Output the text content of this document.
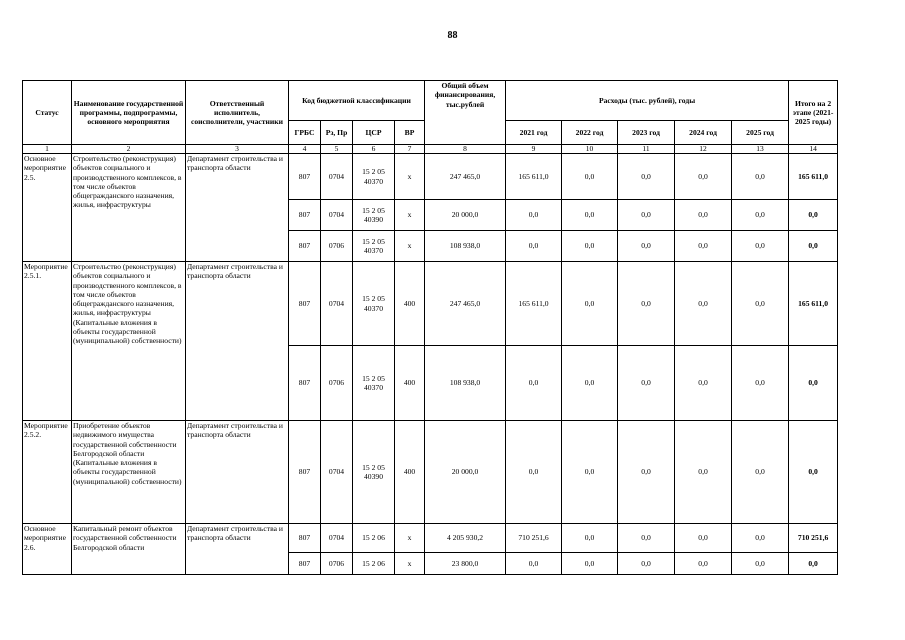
88
Статус	Наименование государственной программы, подпрограммы, основного мероприятия	Ответственный исполнитель, соисполнители, участники	Код бюджетной классификации				Общий объем финансирования, тыс.рублей	Расходы (тыс. рублей), годы					Итого на 2 этапе (2021-2025 годы)
			ГРБС	Рз, Пр	ЦСР	ВР		2021 год	2022 год	2023 год	2024 год	2025 год	
1	2	3	4	5	6	7	8	9	10	11	12	13	14
Основное мероприятие 2.5.	Строительство (реконструкция) объектов социального и производственного комплексов, в том числе объектов общегражданского назначения, жилья, инфраструктуры	Департамент строительства и транспорта области	807	0704	15 2 05 40370	х	247 465,0	165 611,0	0,0	0,0	0,0	0,0	165 611,0
			807	0704	15 2 05 40390	х	20 000,0	0,0	0,0	0,0	0,0	0,0	0,0
			807	0706	15 2 05 40370	х	108 938,0	0,0	0,0	0,0	0,0	0,0	0,0
Мероприятие 2.5.1.	Строительство (реконструкция) объектов социального и производственного комплексов, в том числе объектов общегражданского назначения, жилья, инфраструктуры (Капитальные вложения в объекты государственной (муниципальной) собственности)	Департамент строительства и транспорта области	807	0704	15 2 05 40370	400	247 465,0	165 611,0	0,0	0,0	0,0	0,0	165 611,0
			807	0706	15 2 05 40370	400	108 938,0	0,0	0,0	0,0	0,0	0,0	0,0
Мероприятие 2.5.2.	Приобретение объектов недвижимого имущества государственной собственности Белгородской области (Капитальные вложения в объекты государственной (муниципальной) собственности)	Департамент строительства и транспорта области	807	0704	15 2 05 40390	400	20 000,0	0,0	0,0	0,0	0,0	0,0	0,0
Основное мероприятие 2.6.	Капитальный ремонт объектов государственной собственности Белгородской области	Департамент строительства и транспорта области	807	0704	15 2 06	х	4 205 930,2	710 251,6	0,0	0,0	0,0	0,0	710 251,6
			807	0706	15 2 06	х	23 800,0	0,0	0,0	0,0	0,0	0,0	0,0
